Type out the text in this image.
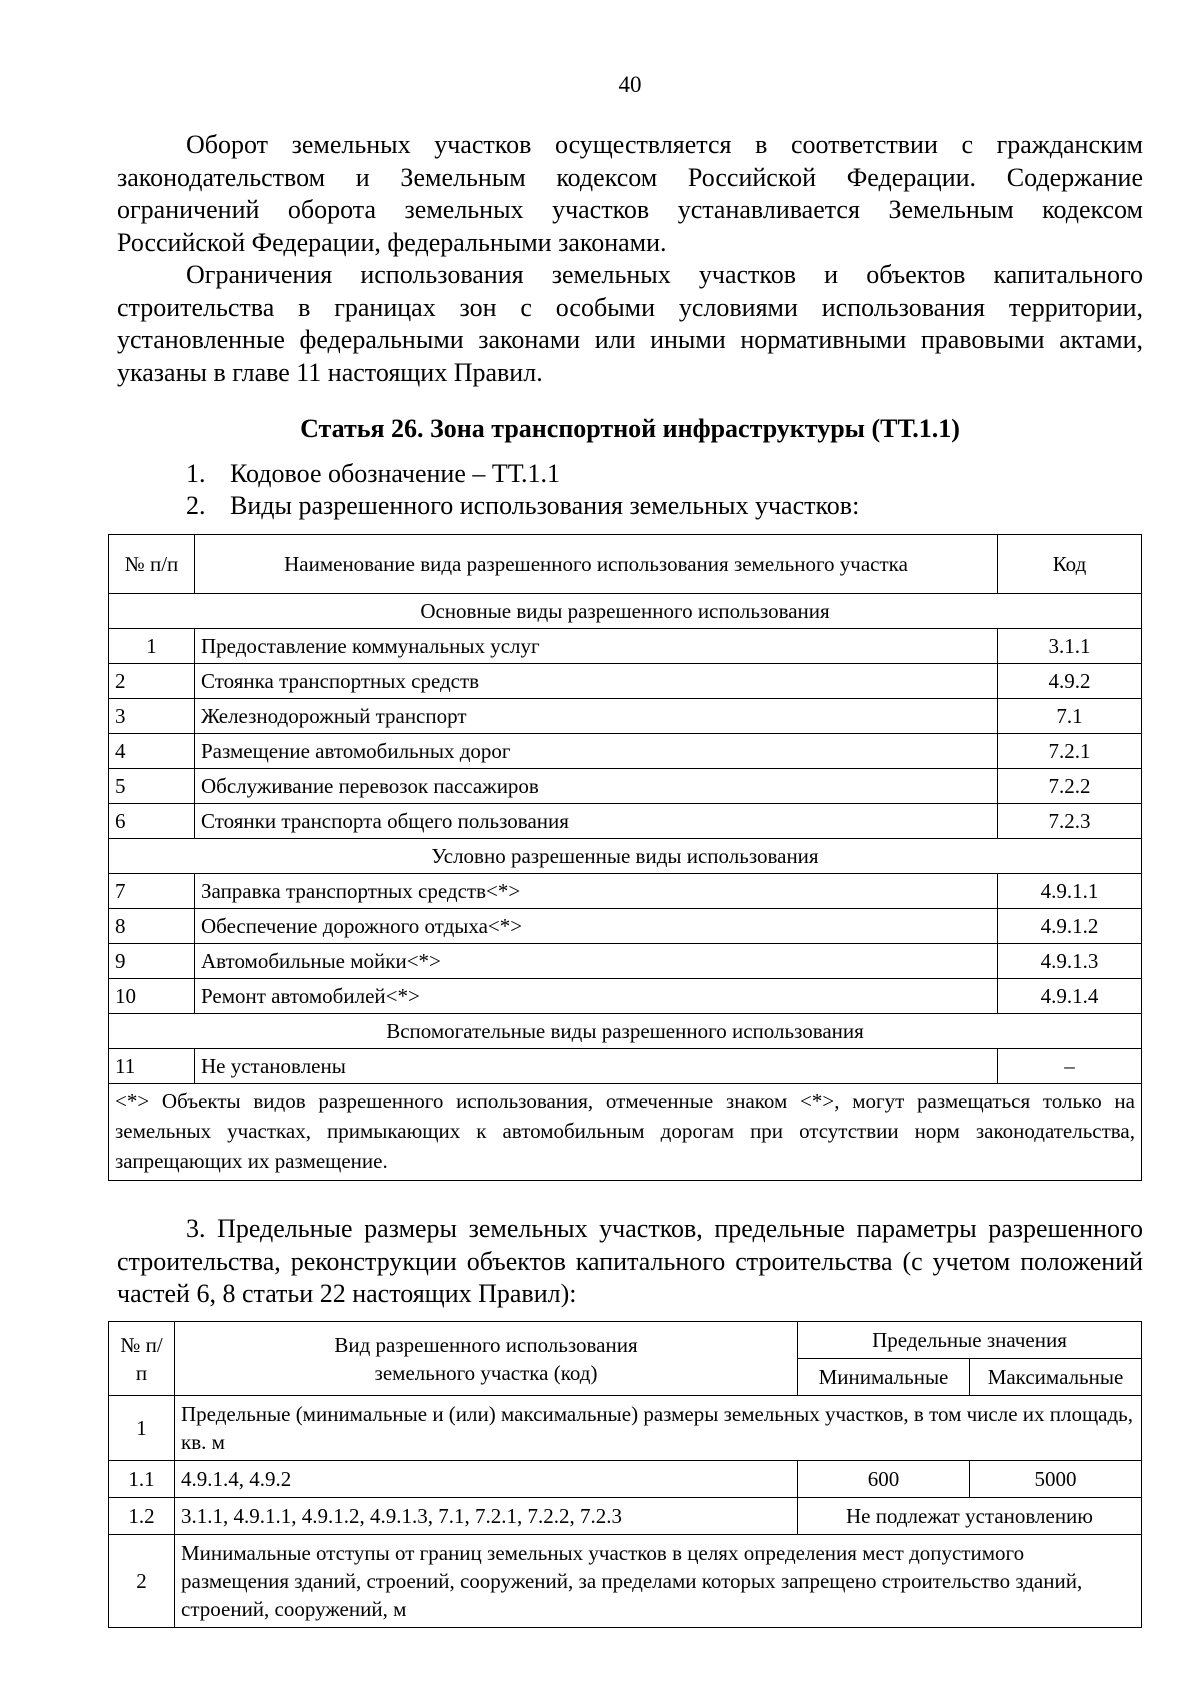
40

Оборот земельных участков осуществляется в соответствии с гражданским законодательством и Земельным кодексом Российской Федерации. Содержание ограничений оборота земельных участков устанавливается Земельным кодексом Российской Федерации, федеральными законами.

Ограничения использования земельных участков и объектов капитального строительства в границах зон с особыми условиями использования территории, установленные федеральными законами или иными нормативными правовыми актами, указаны в главе 11 настоящих Правил.

Статья 26. Зона транспортной инфраструктуры (ТТ.1.1)
1. Кодовое обозначение – ТТ.1.1
2. Виды разрешенного использования земельных участков:
№ п/п	Наименование вида разрешенного использования земельного участка	Код
Основные виды разрешенного использования		
1	Предоставление коммунальных услуг	3.1.1
2	Стоянка транспортных средств	4.9.2
3	Железнодорожный транспорт	7.1
4	Размещение автомобильных дорог	7.2.1
5	Обслуживание перевозок пассажиров	7.2.2
6	Стоянки транспорта общего пользования	7.2.3
Условно разрешенные виды использования		
7	Заправка транспортных средств<*>	4.9.1.1
8	Обеспечение дорожного отдыха<*>	4.9.1.2
9	Автомобильные мойки<*>	4.9.1.3
10	Ремонт автомобилей<*>	4.9.1.4
Вспомогательные виды разрешенного использования		
11	Не установлены	–
<*> Объекты видов разрешенного использования, отмеченные знаком <*>, могут размещаться только на земельных участках, примыкающих к автомобильным дорогам при отсутствии норм законодательства, запрещающих их размещение.		

3. Предельные размеры земельных участков, предельные параметры разрешенного строительства, реконструкции объектов капитального строительства (с учетом положений частей 6, 8 статьи 22 настоящих Правил):

№ п/п	Вид разрешенного использования земельного участка (код)	Предельные значения	
		Минимальные	Максимальные
1	Предельные (минимальные и (или) максимальные) размеры земельных участков, в том числе их площадь, кв. м		
1.1	4.9.1.4, 4.9.2	600	5000
1.2	3.1.1, 4.9.1.1, 4.9.1.2, 4.9.1.3, 7.1, 7.2.1, 7.2.2, 7.2.3	Не подлежат установлению	
2	Минимальные отступы от границ земельных участков в целях определения мест допустимого размещения зданий, строений, сооружений, за пределами которых запрещено строительство зданий, строений, сооружений, м		
